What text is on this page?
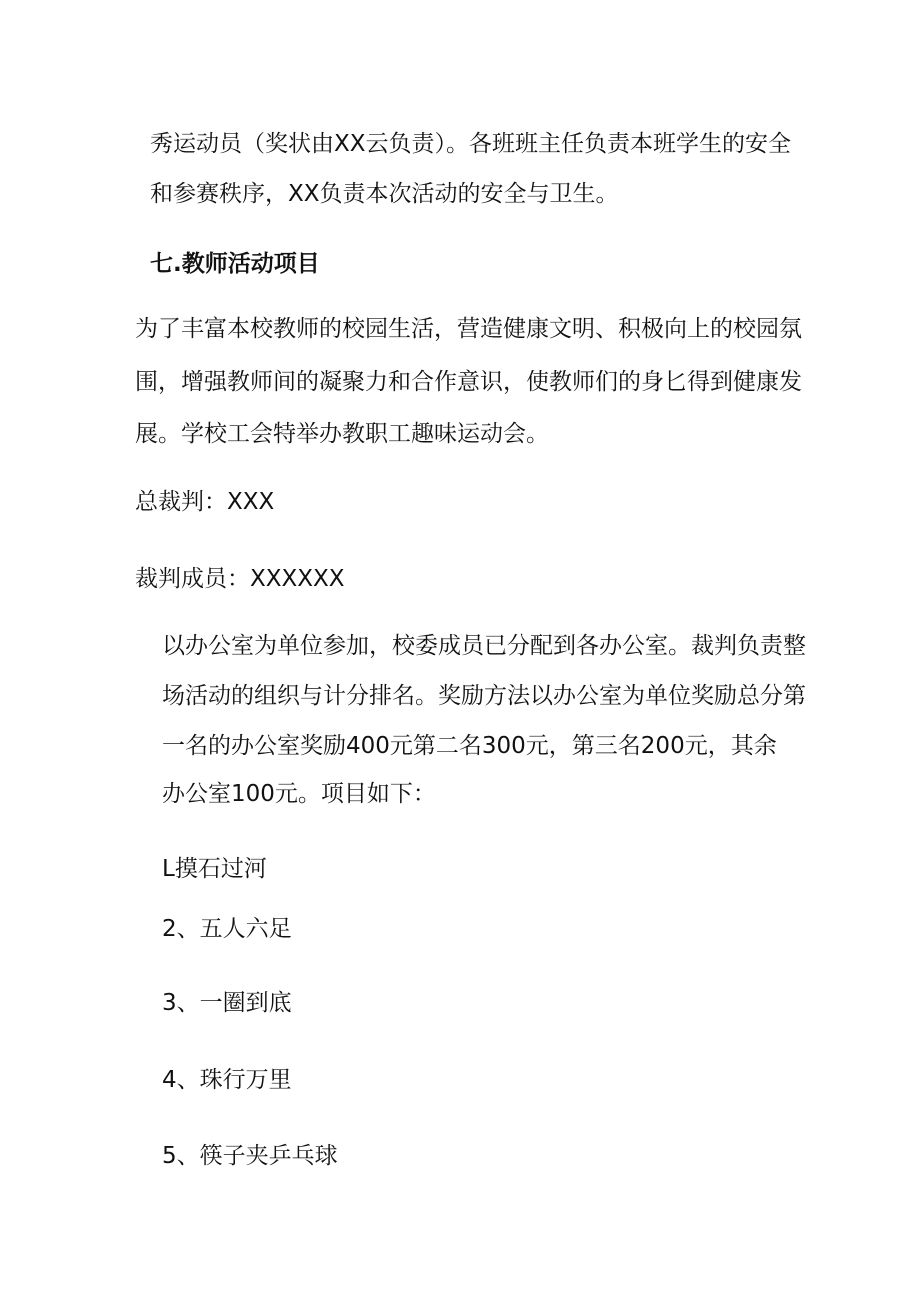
秀运动员（奖状由XX云负责）。各班班主任负责本班学生的安全
和参赛秩序，XX负责本次活动的安全与卫生。
七.教师活动项目
为了丰富本校教师的校园生活，营造健康文明、积极向上的校园氛
围，增强教师间的凝聚力和合作意识，使教师们的身匕得到健康发
展。学校工会特举办教职工趣味运动会。
总裁判：XXX
裁判成员：XXXXXX
以办公室为单位参加，校委成员已分配到各办公室。裁判负责整
场活动的组织与计分排名。奖励方法以办公室为单位奖励总分第
一名的办公室奖励400元第二名300元，第三名200元，其余
办公室100元。项目如下：
L摸石过河
2、五人六足
3、一圈到底
4、珠行万里
5、筷子夹乒乓球
